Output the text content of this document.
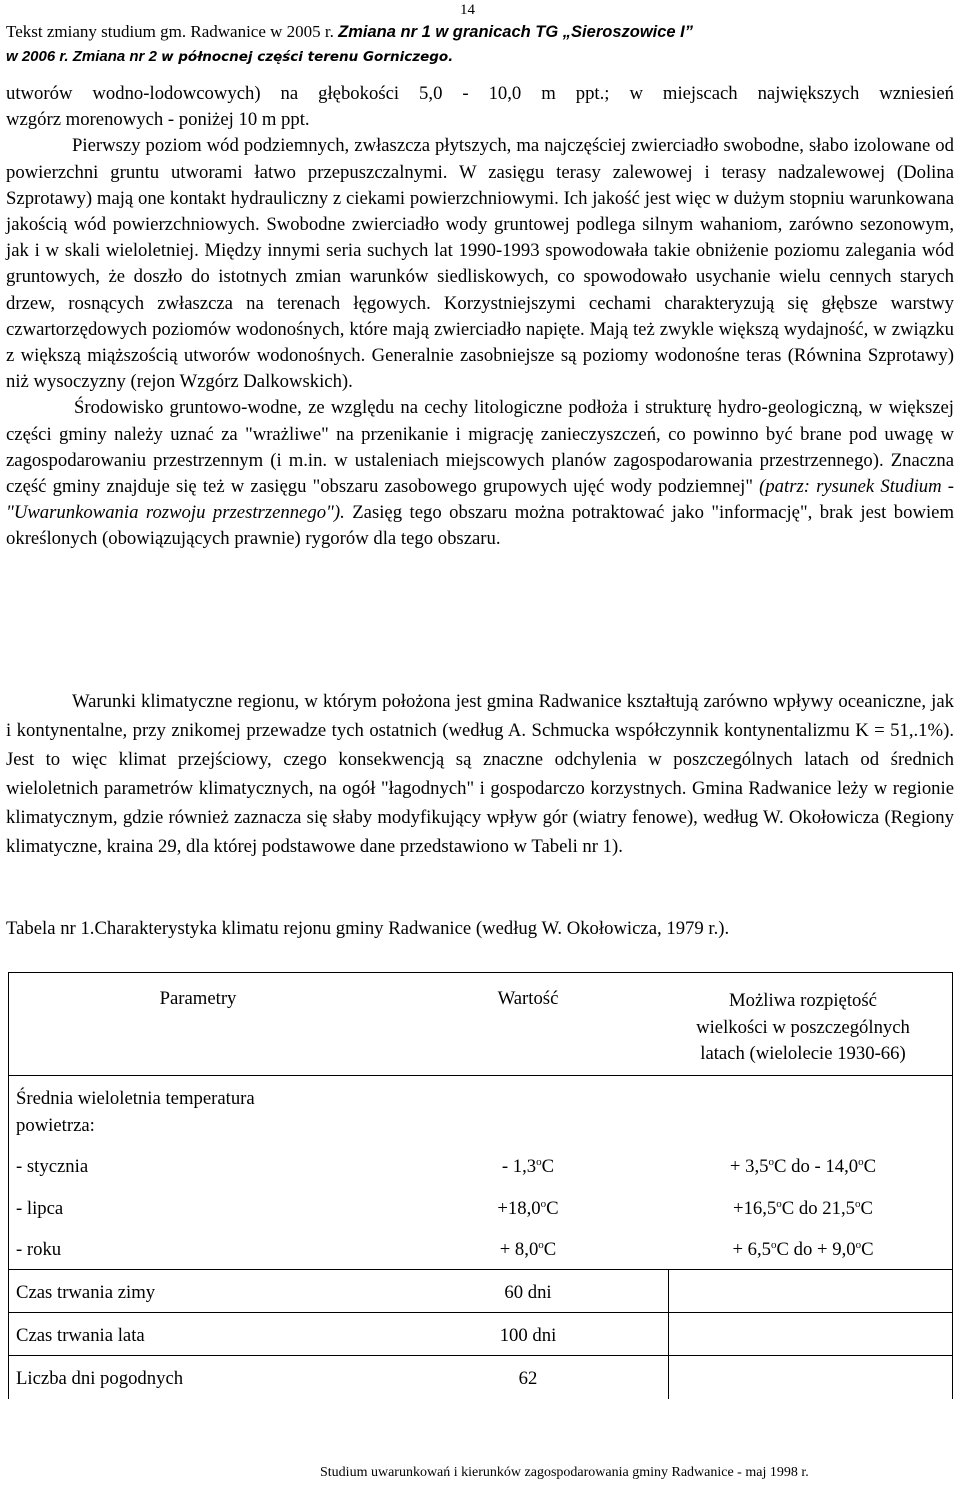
14
Tekst zmiany studium gm. Radwanice w 2005 r. Zmiana nr 1 w granicach TG „Sieroszowice I”
w 2006 r. Zmiana nr 2 w północnej części terenu Gorniczego.
utworów wodno-lodowcowych) na głębokości 5,0 - 10,0 m ppt.; w miejscach największych wzniesień
wzgórz morenowych - poniżej 10 m ppt.
Pierwszy poziom wód podziemnych, zwłaszcza płytszych, ma najczęściej zwierciadło swobodne, słabo izolowane od powierzchni gruntu utworami łatwo przepuszczalnymi. W zasięgu terasy zalewowej i terasy nadzalewowej (Dolina Szprotawy) mają one kontakt hydrauliczny z ciekami powierzchniowymi. Ich jakość jest więc w dużym stopniu warunkowana jakością wód powierzchniowych. Swobodne zwierciadło wody gruntowej podlega silnym wahaniom, zarówno sezonowym, jak i w skali wieloletniej. Między innymi seria suchych lat 1990-1993 spowodowała takie obniżenie poziomu zalegania wód gruntowych, że doszło do istotnych zmian warunków siedliskowych, co spowodowało usychanie wielu cennych starych drzew, rosnących zwłaszcza na terenach łęgowych. Korzystniejszymi cechami charakteryzują się głębsze warstwy czwartorzędowych poziomów wodonośnych, które mają zwierciadło napięte. Mają też zwykle większą wydajność, w związku z większą miąższością utworów wodonośnych. Generalnie zasobniejsze są poziomy wodonośne teras (Równina Szprotawy) niż wysoczyzny (rejon Wzgórz Dalkowskich).
Środowisko gruntowo-wodne, ze względu na cechy litologiczne podłoża i strukturę hydro-geologiczną, w większej części gminy należy uznać za "wrażliwe" na przenikanie i migrację zanieczyszczeń, co powinno być brane pod uwagę w zagospodarowaniu przestrzennym (i m.in. w ustaleniach miejscowych planów zagospodarowania przestrzennego). Znaczna część gminy znajduje się też w zasięgu "obszaru zasobowego grupowych ujęć wody podziemnej" (patrz: rysunek Studium - "Uwarunkowania rozwoju przestrzennego"). Zasięg tego obszaru można potraktować jako "informację", brak jest bowiem określonych (obowiązujących prawnie) rygorów dla tego obszaru.
Warunki klimatyczne regionu, w którym położona jest gmina Radwanice kształtują zarówno wpływy oceaniczne, jak i kontynentalne, przy znikomej przewadze tych ostatnich (według A. Schmucka współczynnik kontynentalizmu K = 51,.1%). Jest to więc klimat przejściowy, czego konsekwencją są znaczne odchylenia w poszczególnych latach od średnich wieloletnich parametrów klimatycznych, na ogół "łagodnych" i gospodarczo korzystnych. Gmina Radwanice leży w regionie klimatycznym, gdzie również zaznacza się słaby modyfikujący wpływ gór (wiatry fenowe), według W. Okołowicza (Regiony klimatyczne, kraina 29, dla której podstawowe dane przedstawiono w Tabeli nr 1).
Tabela nr 1.Charakterystyka klimatu rejonu gminy Radwanice (według W. Okołowicza, 1979 r.).
Parametry	Wartość	Możliwa rozpiętość
wielkości w poszczególnych
latach (wielolecie 1930-66)
Średnia wieloletnia temperatura
powietrza:
- stycznia	- $1,3^oC$	+ $3,5^oC$ do - 14,0$^o$C
- lipca	$+18,0^oC$	$+16,5^oC$ do 21,5$^o$C
- roku	+ $8,0^oC$	+ $6,5^oC$ do + $9,0^oC$
Czas trwania zimy	60 dni
Czas trwania lata	100 dni
Liczba dni pogodnych	62
Studium uwarunkowań i kierunków zagospodarowania gminy Radwanice - maj 1998 r.
